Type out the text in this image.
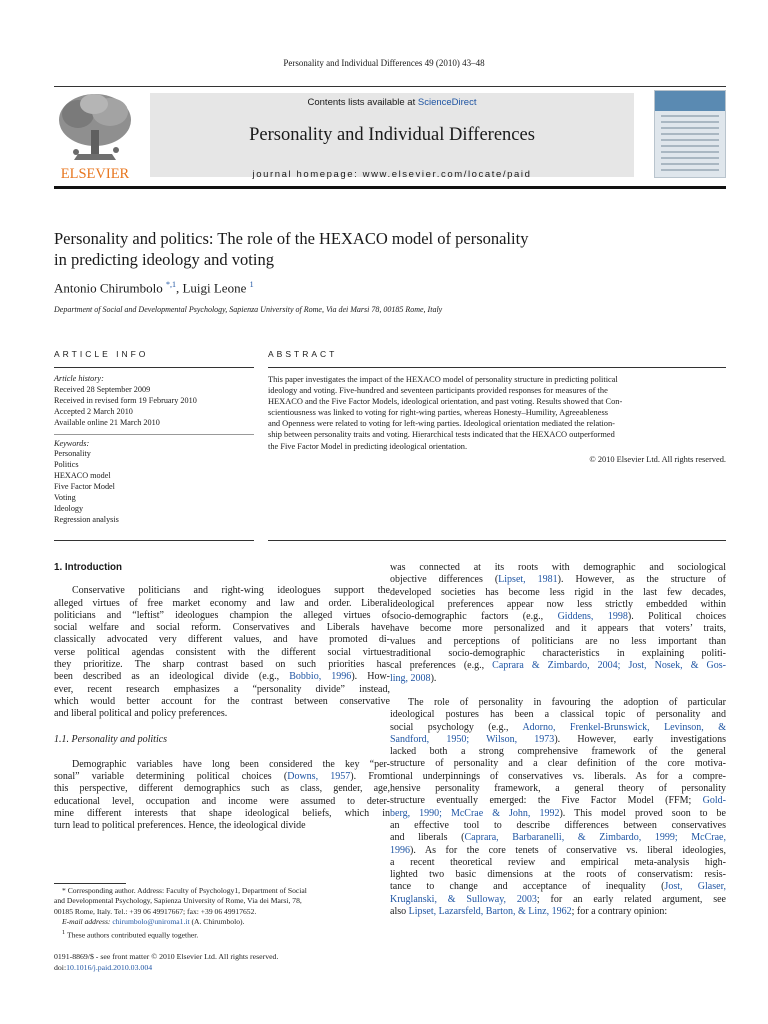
Personality and Individual Differences 49 (2010) 43–48
ELSEVIER
Contents lists available at ScienceDirect
Personality and Individual Differences
journal homepage: www.elsevier.com/locate/paid
Personality and politics: The role of the HEXACO model of personality
in predicting ideology and voting
Antonio Chirumbolo $^{*,1}$, Luigi Leone $^1$
Department of Social and Developmental Psychology, Sapienza University of Rome, Via dei Marsi 78, 00185 Rome, Italy
ARTICLE INFO	ABSTRACT
Article history:
Received 28 September 2009
Received in revised form 19 February 2010
Accepted 2 March 2010
Available online 21 March 2010
Keywords:
Personality
Politics
HEXACO model
Five Factor Model
Voting
Ideology
Regression analysis
This paper investigates the impact of the HEXACO model of personality structure in predicting political
ideology and voting. Five-hundred and seventeen participants provided responses for measures of the
HEXACO and the Five Factor Models, ideological orientation, and past voting. Results showed that Con-
scientiousness was linked to voting for right-wing parties, whereas Honesty–Humility, Agreeableness
and Openness were related to voting for left-wing parties. Ideological orientation mediated the relation-
ship between personality traits and voting. Hierarchical tests indicated that the HEXACO outperformed
the Five Factor Model in predicting ideological orientation.
© 2010 Elsevier Ltd. All rights reserved.

1. Introduction

Conservative politicians and right-wing ideologues support the
alleged virtues of free market economy and law and order. Liberal
politicians and “leftist” ideologues champion the alleged virtues of
social welfare and social reform. Conservatives and Liberals have
classically advocated very different values, and have promoted di-
verse political agendas consistent with the different social virtues
they prioritize. The sharp contrast based on such priorities has
been described as an ideological divide (e.g., Bobbio, 1996). How-
ever, recent research emphasizes a “personality divide” instead,
which would better account for the contrast between conservative
and liberal political and policy preferences.

1.1. Personality and politics

Demographic variables have long been considered the key “per-
sonal” variable determining political choices (Downs, 1957). From
this perspective, different demographics such as class, gender, age,
educational level, occupation and income were assumed to deter-
mine different interests that shape ideological beliefs, which in
turn lead to political preferences. Hence, the ideological divide
was connected at its roots with demographic and sociological
objective differences (Lipset, 1981). However, as the structure of
developed societies has become less rigid in the last few decades,
ideological preferences appear now less strictly embedded within
socio-demographic factors (e.g., Giddens, 1998). Political choices
have become more personalized and it appears that voters’ traits,
values and perceptions of politicians are no less important than
traditional socio-demographic characteristics in explaining politi-
cal preferences (e.g., Caprara & Zimbardo, 2004; Jost, Nosek, & Gos-
ling, 2008).
The role of personality in favouring the adoption of particular
ideological postures has been a classical topic of personality and
social psychology (e.g., Adorno, Frenkel-Brunswick, Levinson, &
Sandford, 1950; Wilson, 1973). However, early investigations
lacked both a strong comprehensive framework of the general
structure of personality and a clear definition of the core motiva-
tional underpinnings of conservatives vs. liberals. As for a compre-
hensive personality framework, a general theory of personality
structure eventually emerged: the Five Factor Model (FFM; Gold-
berg, 1990; McCrae & John, 1992). This model proved soon to be
an effective tool to describe differences between conservatives
and liberals (Caprara, Barbaranelli, & Zimbardo, 1999; McCrae,
1996). As for the core tenets of conservative vs. liberal ideologies,
a recent theoretical review and empirical meta-analysis high-
lighted two basic dimensions at the roots of conservatism: resis-
tance to change and acceptance of inequality (Jost, Glaser,
Kruglanski, & Sulloway, 2003; for an early related argument, see
also Lipset, Lazarsfeld, Barton, & Linz, 1962; for a contrary opinion:

* Corresponding author. Address: Faculty of Psychology1, Department of Social

and Developmental Psychology, Sapienza University of Rome, Via dei Marsi, 78,

00185 Rome, Italy. Tel.: +39 06 49917667; fax: +39 06 49917652.

E-mail address: chirumbolo@uniroma1.it (A. Chirumbolo).

$^1$ These authors contributed equally together.

0191-8869/$ - see front matter © 2010 Elsevier Ltd. All rights reserved.
doi:10.1016/j.paid.2010.03.004
